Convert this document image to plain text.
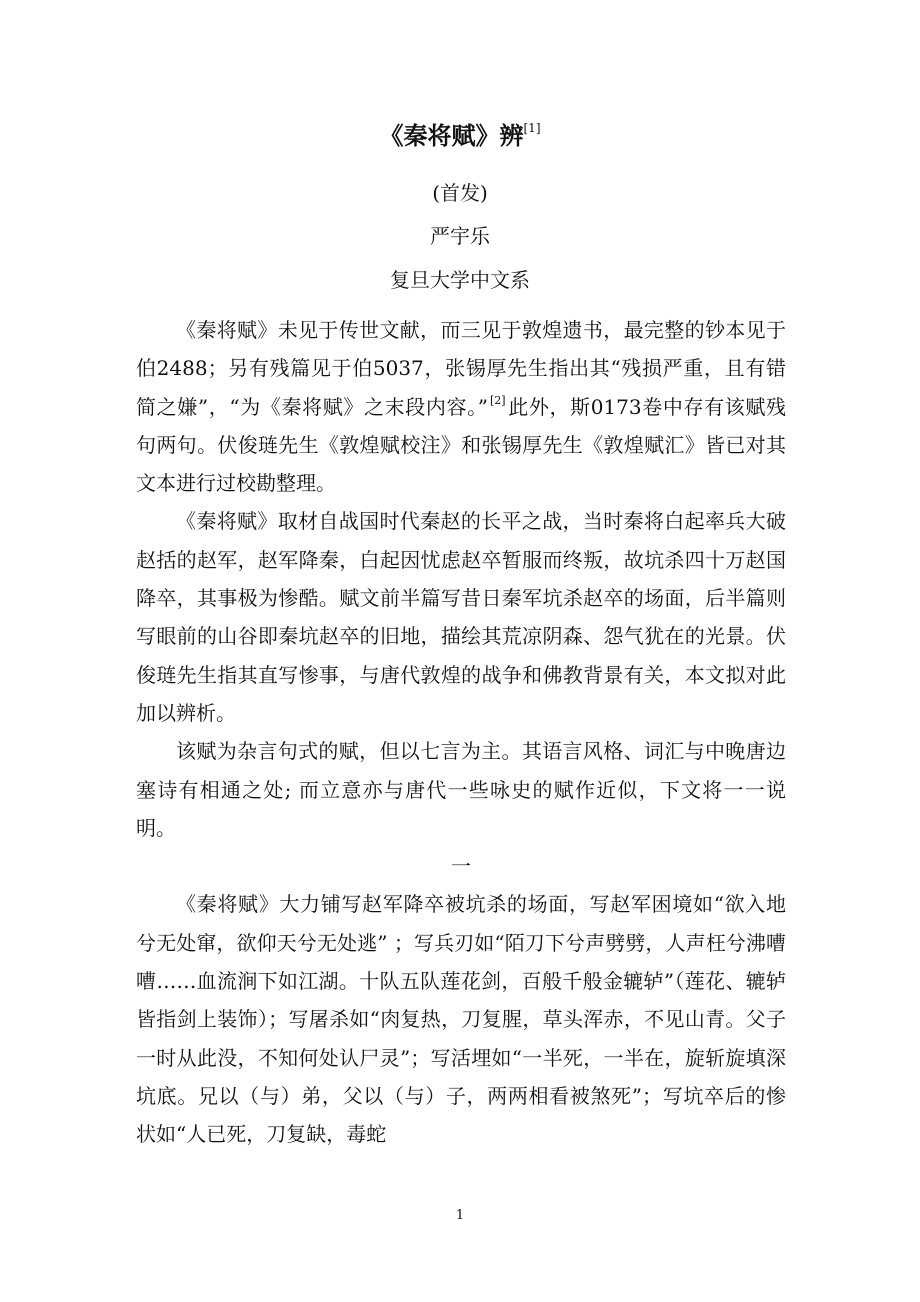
《秦将赋》辨[1]
(首发)
严宇乐
复旦大学中文系

《秦将赋》未见于传世文献，而三见于敦煌遗书，最完整的钞本见于伯2488；另有残篇见于伯5037，张锡厚先生指出其“残损严重，且有错简之嫌”，“为《秦将赋》之末段内容。” [2] 此外，斯0173卷中存有该赋残句两句。伏俊琏先生《敦煌赋校注》和张锡厚先生《敦煌赋汇》皆已对其文本进行过校勘整理。

《秦将赋》取材自战国时代秦赵的长平之战，当时秦将白起率兵大破赵括的赵军，赵军降秦，白起因忧虑赵卒暂服而终叛，故坑杀四十万赵国降卒，其事极为惨酷。赋文前半篇写昔日秦军坑杀赵卒的场面，后半篇则写眼前的山谷即秦坑赵卒的旧地，描绘其荒凉阴森、怨气犹在的光景。伏俊琏先生指其直写惨事，与唐代敦煌的战争和佛教背景有关，本文拟对此加以辨析。

该赋为杂言句式的赋，但以七言为主。其语言风格、词汇与中晚唐边塞诗有相通之处; 而立意亦与唐代一些咏史的赋作近似，下文将一一说明。

一

《秦将赋》大力铺写赵军降卒被坑杀的场面，写赵军困境如“欲入地兮无处窜，欲仰天兮无处逃” ；写兵刃如“陌刀下兮声劈劈，人声枉兮沸嘈嘈……血流涧下如江湖。十队五队莲花剑，百般千般金辘轳”（莲花、辘轳皆指剑上装饰）；写屠杀如“肉复热，刀复腥，草头浑赤，不见山青。父子一时从此没，不知何处认尸灵”；写活埋如“一半死，一半在，旋斩旋填深坑底。兄以（与）弟，父以（与）子，两两相看被煞死”；写坑卒后的惨状如“人已死，刀复缺，毒蛇

1
